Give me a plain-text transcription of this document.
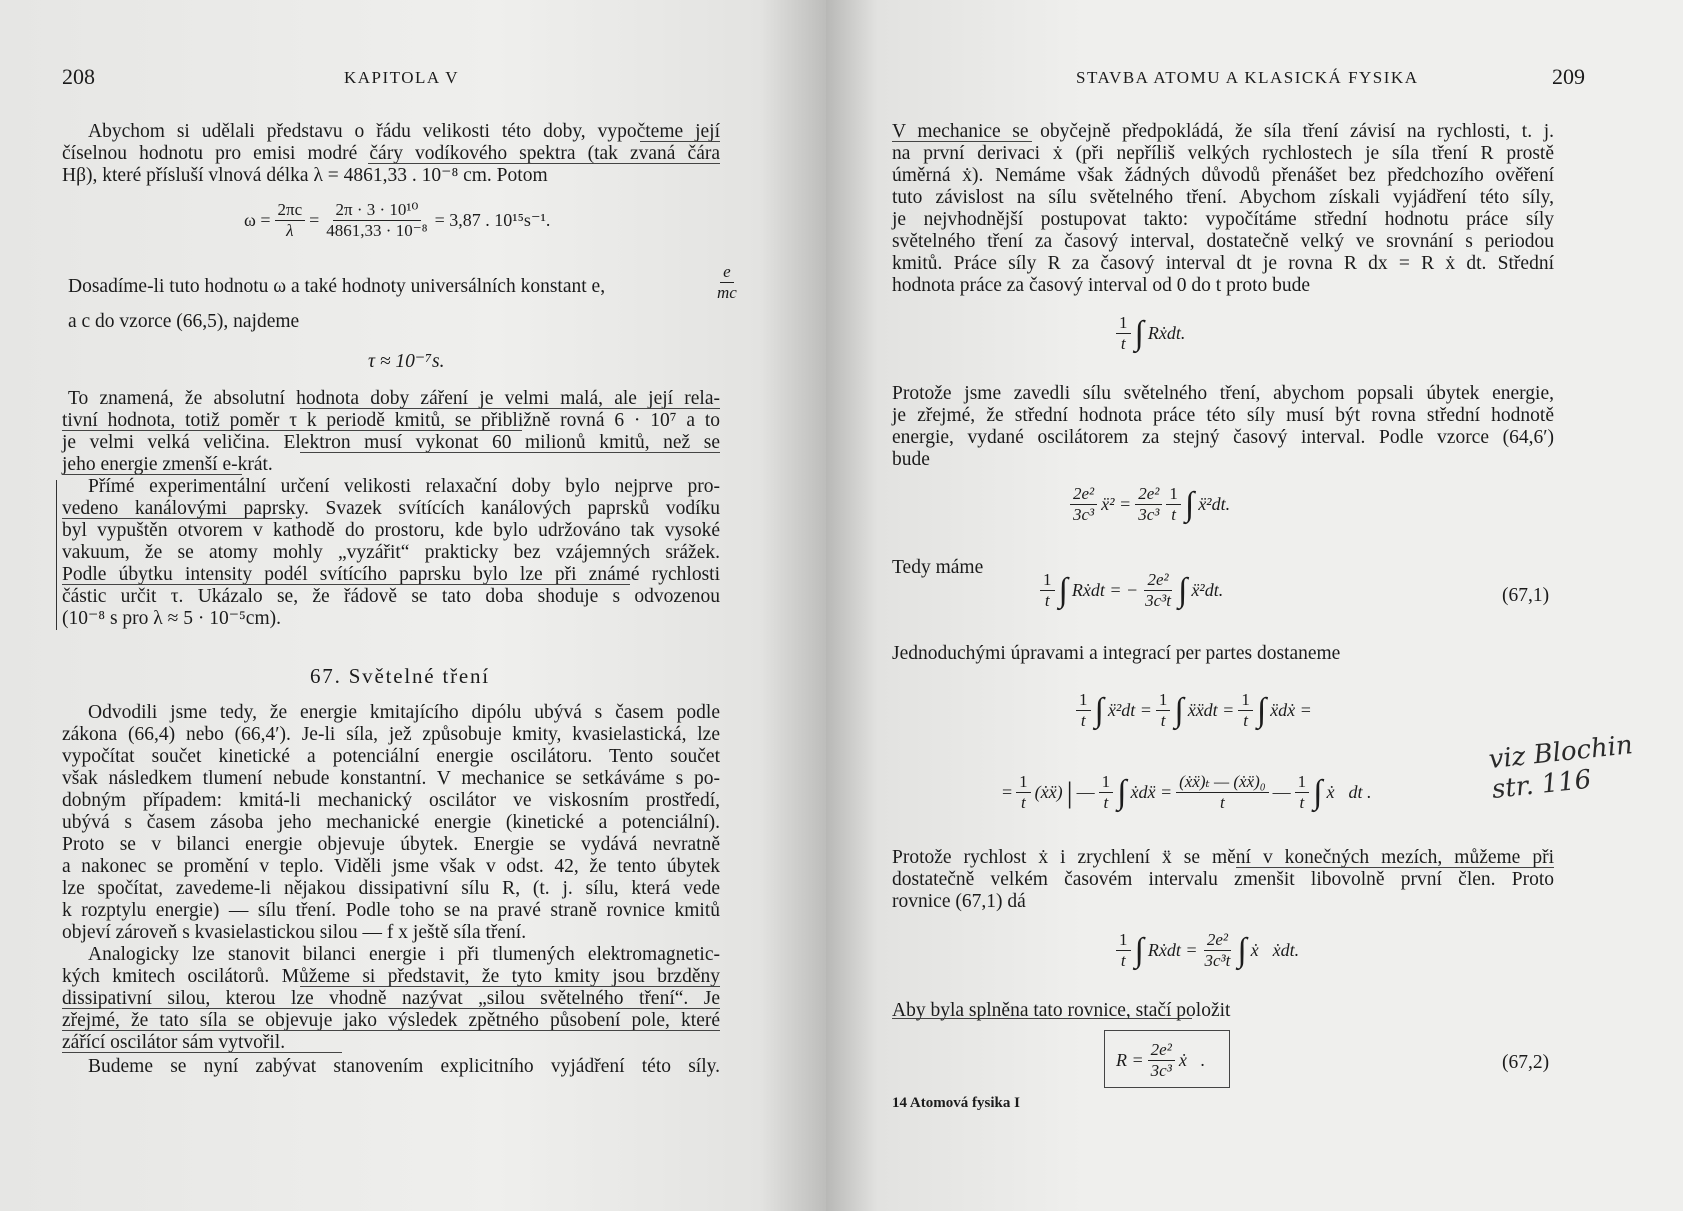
208	KAPITOLA V
Abychom si udělali představu o řádu velikosti této doby, vypočteme její
číselnou hodnotu pro emisi modré čáry vodíkového spektra (tak zvaná čára
Hβ), které přísluší vlnová délka λ = 4861,33 . 10⁻⁸ cm. Potom
$\omega = \frac{2\pi c}{\lambda} = \frac{\text{2π · 3 · 10¹⁰}}{\text{4861,33 · 10⁻⁸}} = 3,87$ . 10¹⁵s⁻¹.
Dosadíme-li tuto hodnotu ω a také hodnoty universálních konstant e,	$\frac{e}{mc}$
a c do vzorce (66,5), najdeme
τ ≈ 10⁻⁷s.
To znamená, že absolutní hodnota doby záření je velmi malá, ale její rela-
tivní hodnota, totiž poměr τ k periodě kmitů, se přibližně rovná 6 · 10⁷ a to
je velmi velká veličina. Elektron musí vykonat 60 milionů kmitů, než se
jeho energie zmenší e-krát.
Přímé experimentální určení velikosti relaxační doby bylo nejprve pro-
vedeno kanálovými paprsky. Svazek svítících kanálových paprsků vodíku
byl vypuštěn otvorem v kathodě do prostoru, kde bylo udržováno tak vysoké
vakuum, že se atomy mohly „vyzářit“ prakticky bez vzájemných srážek.
Podle úbytku intensity podél svítícího paprsku bylo lze při známé rychlosti
částic určit τ. Ukázalo se, že řádově se tato doba shoduje s odvozenou
(10⁻⁸ s pro λ ≈ 5 · 10⁻⁵cm).
67. Světelné tření
Odvodili jsme tedy, že energie kmitajícího dipólu ubývá s časem podle
zákona (66,4) nebo (66,4′). Je-li síla, jež způsobuje kmity, kvasielastická, lze
vypočítat součet kinetické a potenciální energie oscilátoru. Tento součet
však následkem tlumení nebude konstantní. V mechanice se setkáváme s po-
dobným případem: kmitá-li mechanický oscilátor ve viskosním prostředí,
ubývá s časem zásoba jeho mechanické energie (kinetické a potenciální).
Proto se v bilanci energie objevuje úbytek. Energie se vydává nevratně
a nakonec se promění v teplo. Viděli jsme však v odst. 42, že tento úbytek
lze spočítat, zavedeme-li nějakou dissipativní sílu R, (t. j. sílu, která vede
k rozptylu energie) — sílu tření. Podle toho se na pravé straně rovnice kmitů
objeví zároveň s kvasielastickou silou — f x ještě síla tření.
Analogicky lze stanovit bilanci energie i při tlumených elektromagnetic-
kých kmitech oscilátorů. Můžeme si představit, že tyto kmity jsou brzděny
dissipativní silou, kterou lze vhodně nazývat „silou světelného tření“. Je
zřejmé, že tato síla se objevuje jako výsledek zpětného působení pole, které
zářící oscilátor sám vytvořil.
Budeme se nyní zabývat stanovením explicitního vyjádření této síly.
STAVBA ATOMU A KLASICKÁ FYSIKA	209
V mechanice se obyčejně předpokládá, že síla tření závisí na rychlosti, t. j.
na první derivaci ẋ (při nepříliš velkých rychlostech je síla tření R prostě
úměrná ẋ). Nemáme však žádných důvodů přenášet bez předchozího ověření
tuto závislost na sílu světelného tření. Abychom získali vyjádření této síly,
je nejvhodnější postupovat takto: vypočítáme střední hodnotu práce síly
světelného tření za časový interval, dostatečně velký ve srovnání s periodou
kmitů. Práce síly R za časový interval dt je rovna R dx = R ẋ dt. Střední
hodnota práce za časový interval od 0 do t proto bude
$\frac{1}{t}$ ∫ Rẋdt.
Protože jsme zavedli sílu světelného tření, abychom popsali úbytek energie,
je zřejmé, že střední hodnota práce této síly musí být rovna střední hodnotě
energie, vydané oscilátorem za stejný časový interval. Podle vzorce (64,6′)
bude
$\frac{\text{2e²}}{\text{3c³}}$ ẍ² = $\frac{\text{2e²}}{\text{3c³}} \frac{1}{t}$ ∫ ẍ²dt.
Tedy máme
$\frac{1}{t}$ ∫ Rẋdt = − $\frac{\text{2e²}}{\text{3c³t}}$ ∫ ẍ²dt.	(67,1)
Jednoduchými úpravami a integrací per partes dostaneme
$\frac{1}{t}$ ∫ ẍ²dt = $\frac{1}{t}$ ∫ ẍẍdt = $\frac{1}{t}$ ∫ ẍdẋ =
= $\frac{1}{t}$ (ẋẍ) | — $\frac{1}{t}$ ∫ ẋdẍ = $\frac{\text{(ẋẍ)ₜ — (ẋẍ)₀}}{t}$ — $\frac{1}{t}$ ∫ ẋ⃛dt .
viz Blochin str. 116
Protože rychlost ẋ i zrychlení ẍ se mění v konečných mezích, můžeme při
dostatečně velkém časovém intervalu zmenšit libovolně první člen. Proto
rovnice (67,1) dá
$\frac{1}{t}$ ∫ Rẋdt = $\frac{\text{2e²}}{\text{3c³t}}$ ∫ ẋ⃛ẋdt.
Aby byla splněna tato rovnice, stačí položit
$R = \frac{\text{2e²}}{\text{3c³}}$ ẋ⃛.	(67,2)
14 Atomová fysika I
